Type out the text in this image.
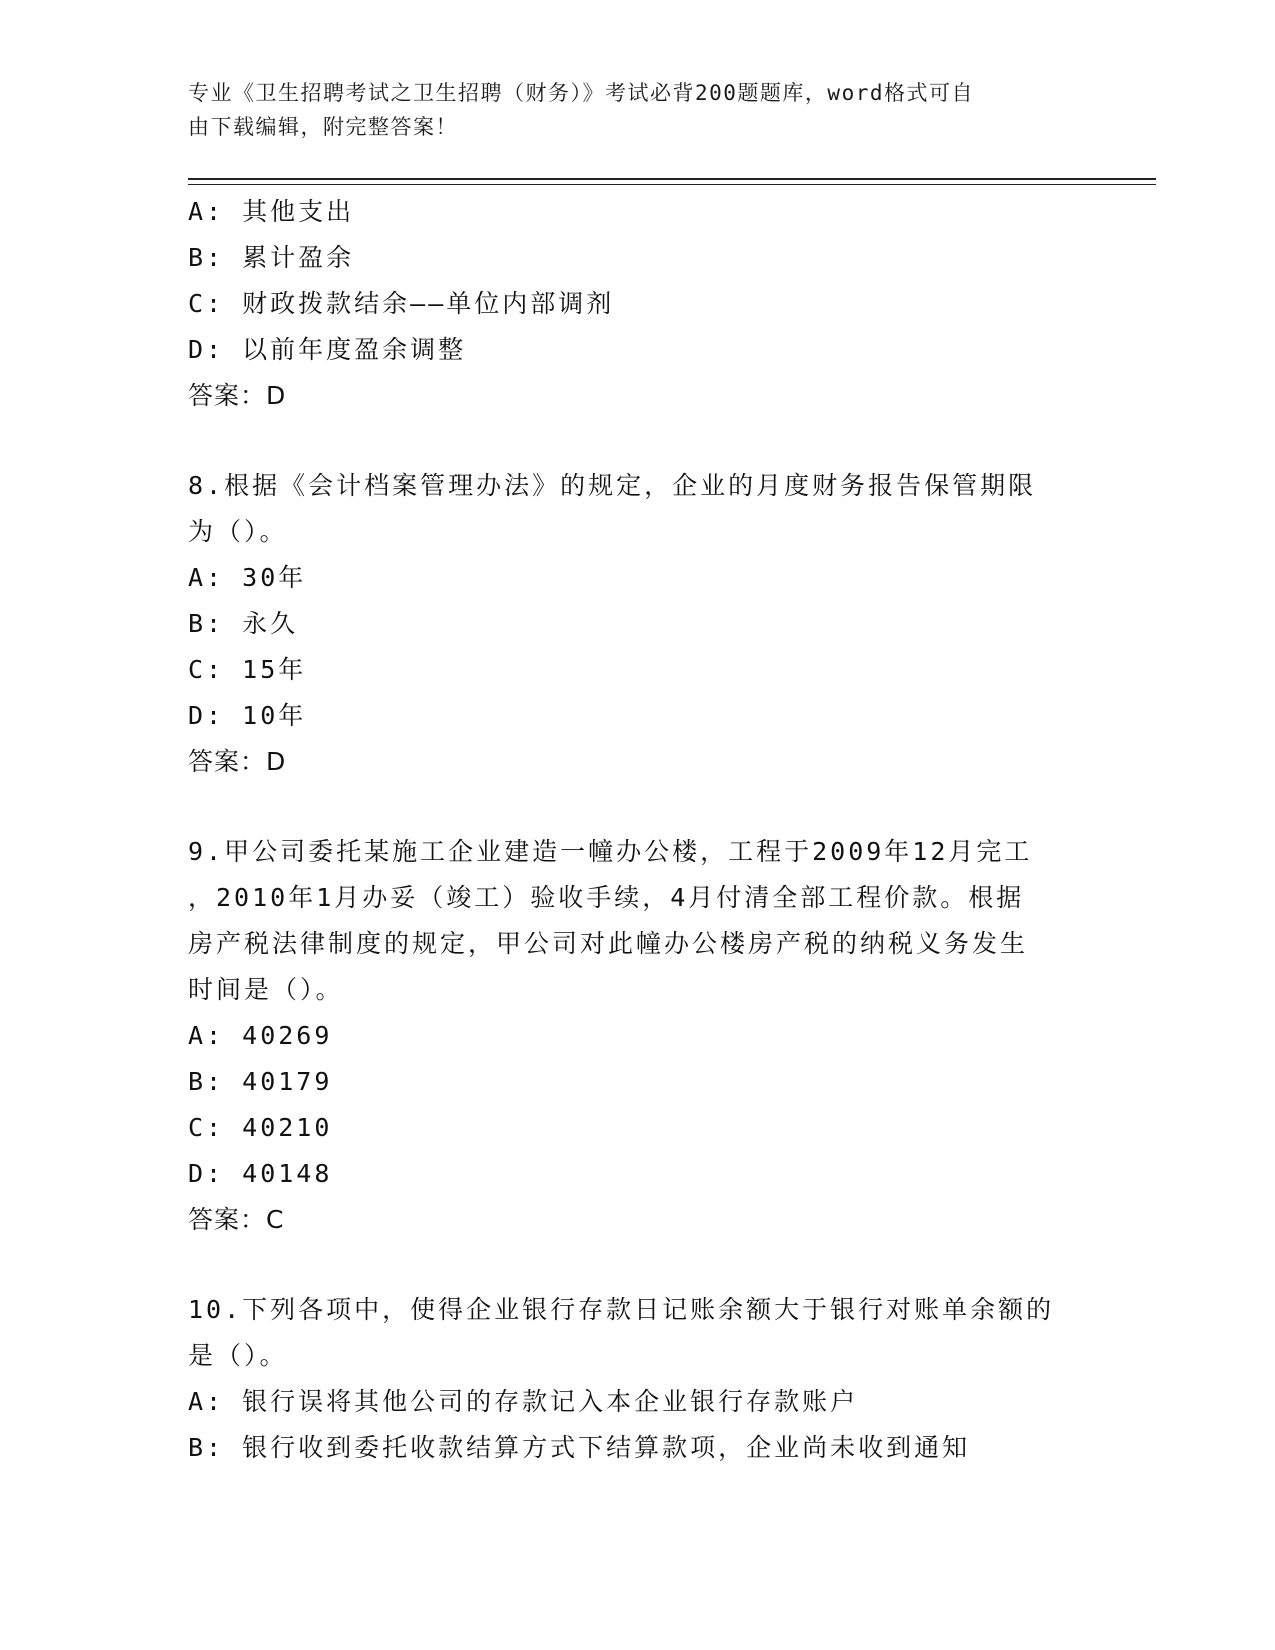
专业《卫生招聘考试之卫生招聘（财务）》考试必背200题题库，word格式可自
由下载编辑，附完整答案！
A: 其他支出
B: 累计盈余
C: 财政拨款结余——单位内部调剂
D: 以前年度盈余调整
答案：D
8.根据《会计档案管理办法》的规定，企业的月度财务报告保管期限
为（）。
A: 30年
B: 永久
C: 15年
D: 10年
答案：D
9.甲公司委托某施工企业建造一幢办公楼，工程于2009年12月完工
，2010年1月办妥（竣工）验收手续，4月付清全部工程价款。根据
房产税法律制度的规定，甲公司对此幢办公楼房产税的纳税义务发生
时间是（）。
A: 40269
B: 40179
C: 40210
D: 40148
答案：C
10.下列各项中，使得企业银行存款日记账余额大于银行对账单余额的
是（）。
A: 银行误将其他公司的存款记入本企业银行存款账户
B: 银行收到委托收款结算方式下结算款项，企业尚未收到通知
